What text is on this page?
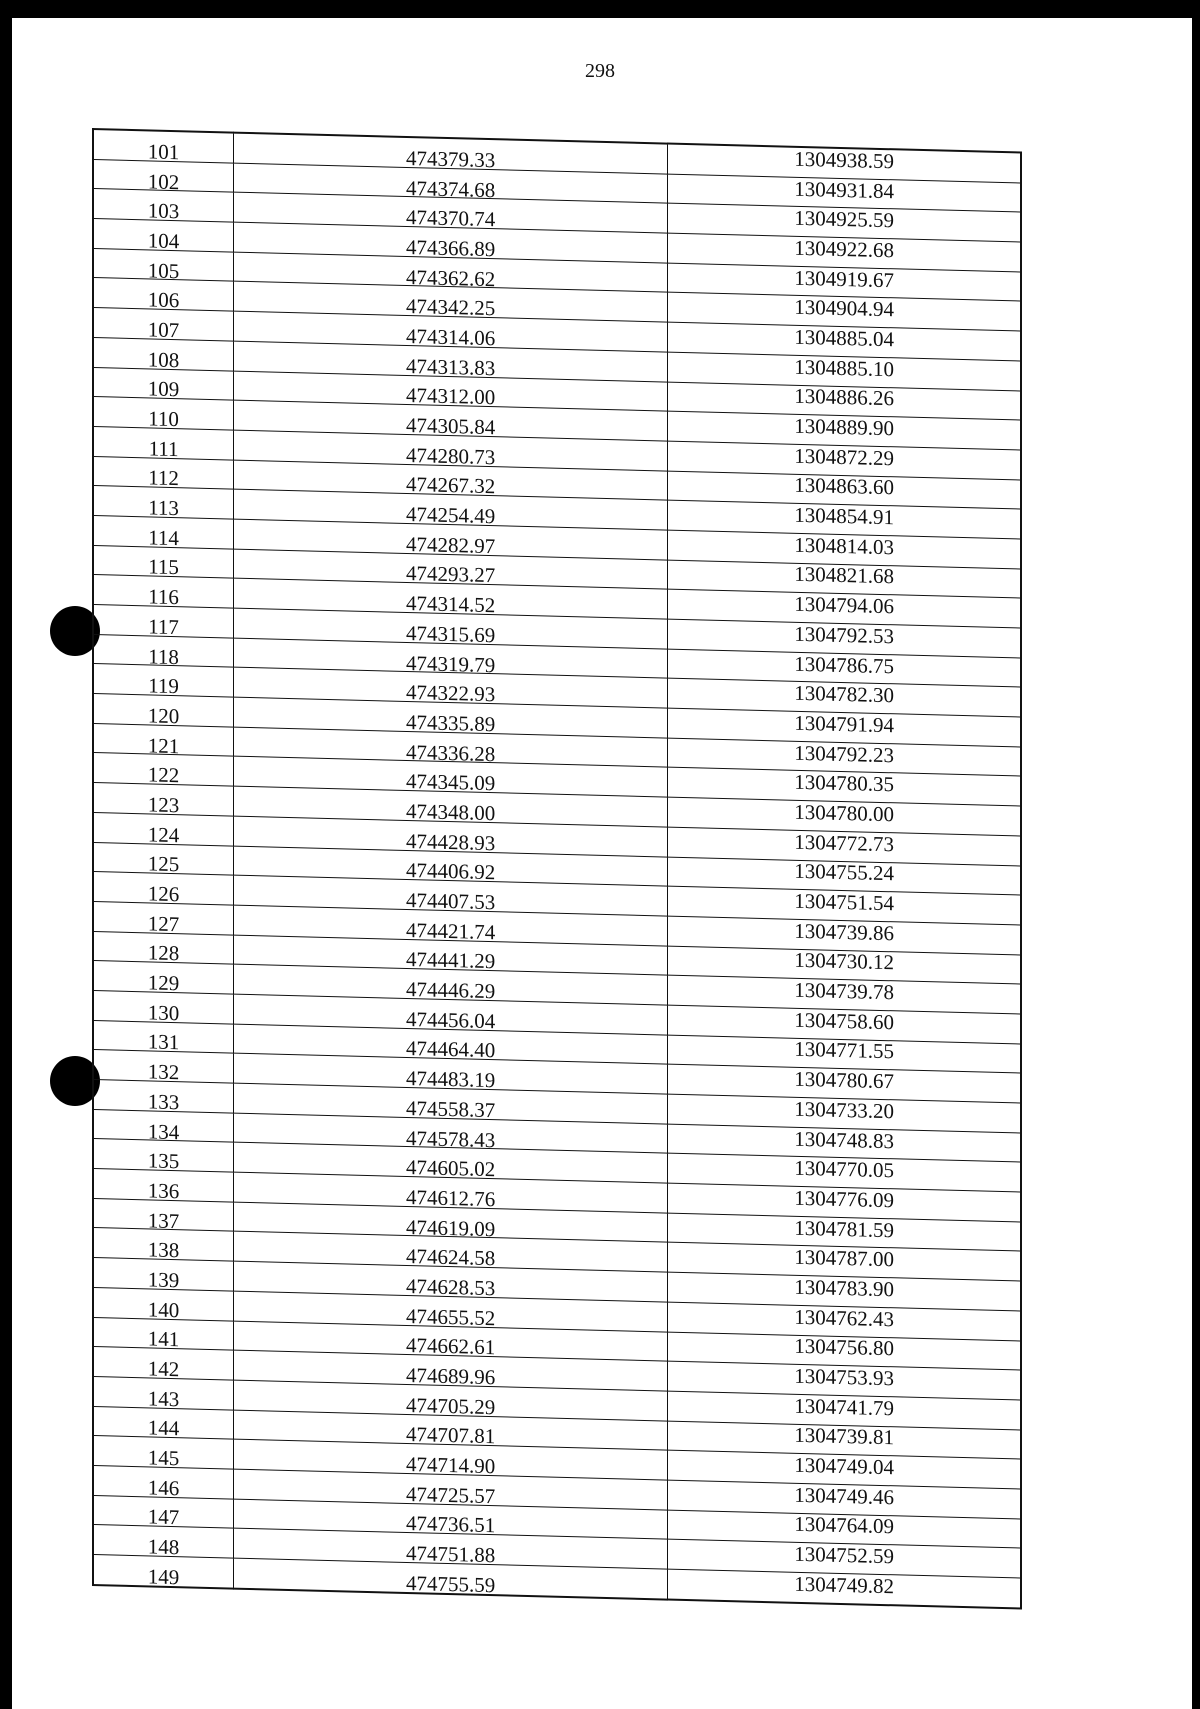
298
101	474379.33	1304938.59
102	474374.68	1304931.84
103	474370.74	1304925.59
104	474366.89	1304922.68
105	474362.62	1304919.67
106	474342.25	1304904.94
107	474314.06	1304885.04
108	474313.83	1304885.10
109	474312.00	1304886.26
110	474305.84	1304889.90
111	474280.73	1304872.29
112	474267.32	1304863.60
113	474254.49	1304854.91
114	474282.97	1304814.03
115	474293.27	1304821.68
116	474314.52	1304794.06
117	474315.69	1304792.53
118	474319.79	1304786.75
119	474322.93	1304782.30
120	474335.89	1304791.94
121	474336.28	1304792.23
122	474345.09	1304780.35
123	474348.00	1304780.00
124	474428.93	1304772.73
125	474406.92	1304755.24
126	474407.53	1304751.54
127	474421.74	1304739.86
128	474441.29	1304730.12
129	474446.29	1304739.78
130	474456.04	1304758.60
131	474464.40	1304771.55
132	474483.19	1304780.67
133	474558.37	1304733.20
134	474578.43	1304748.83
135	474605.02	1304770.05
136	474612.76	1304776.09
137	474619.09	1304781.59
138	474624.58	1304787.00
139	474628.53	1304783.90
140	474655.52	1304762.43
141	474662.61	1304756.80
142	474689.96	1304753.93
143	474705.29	1304741.79
144	474707.81	1304739.81
145	474714.90	1304749.04
146	474725.57	1304749.46
147	474736.51	1304764.09
148	474751.88	1304752.59
149	474755.59	1304749.82
